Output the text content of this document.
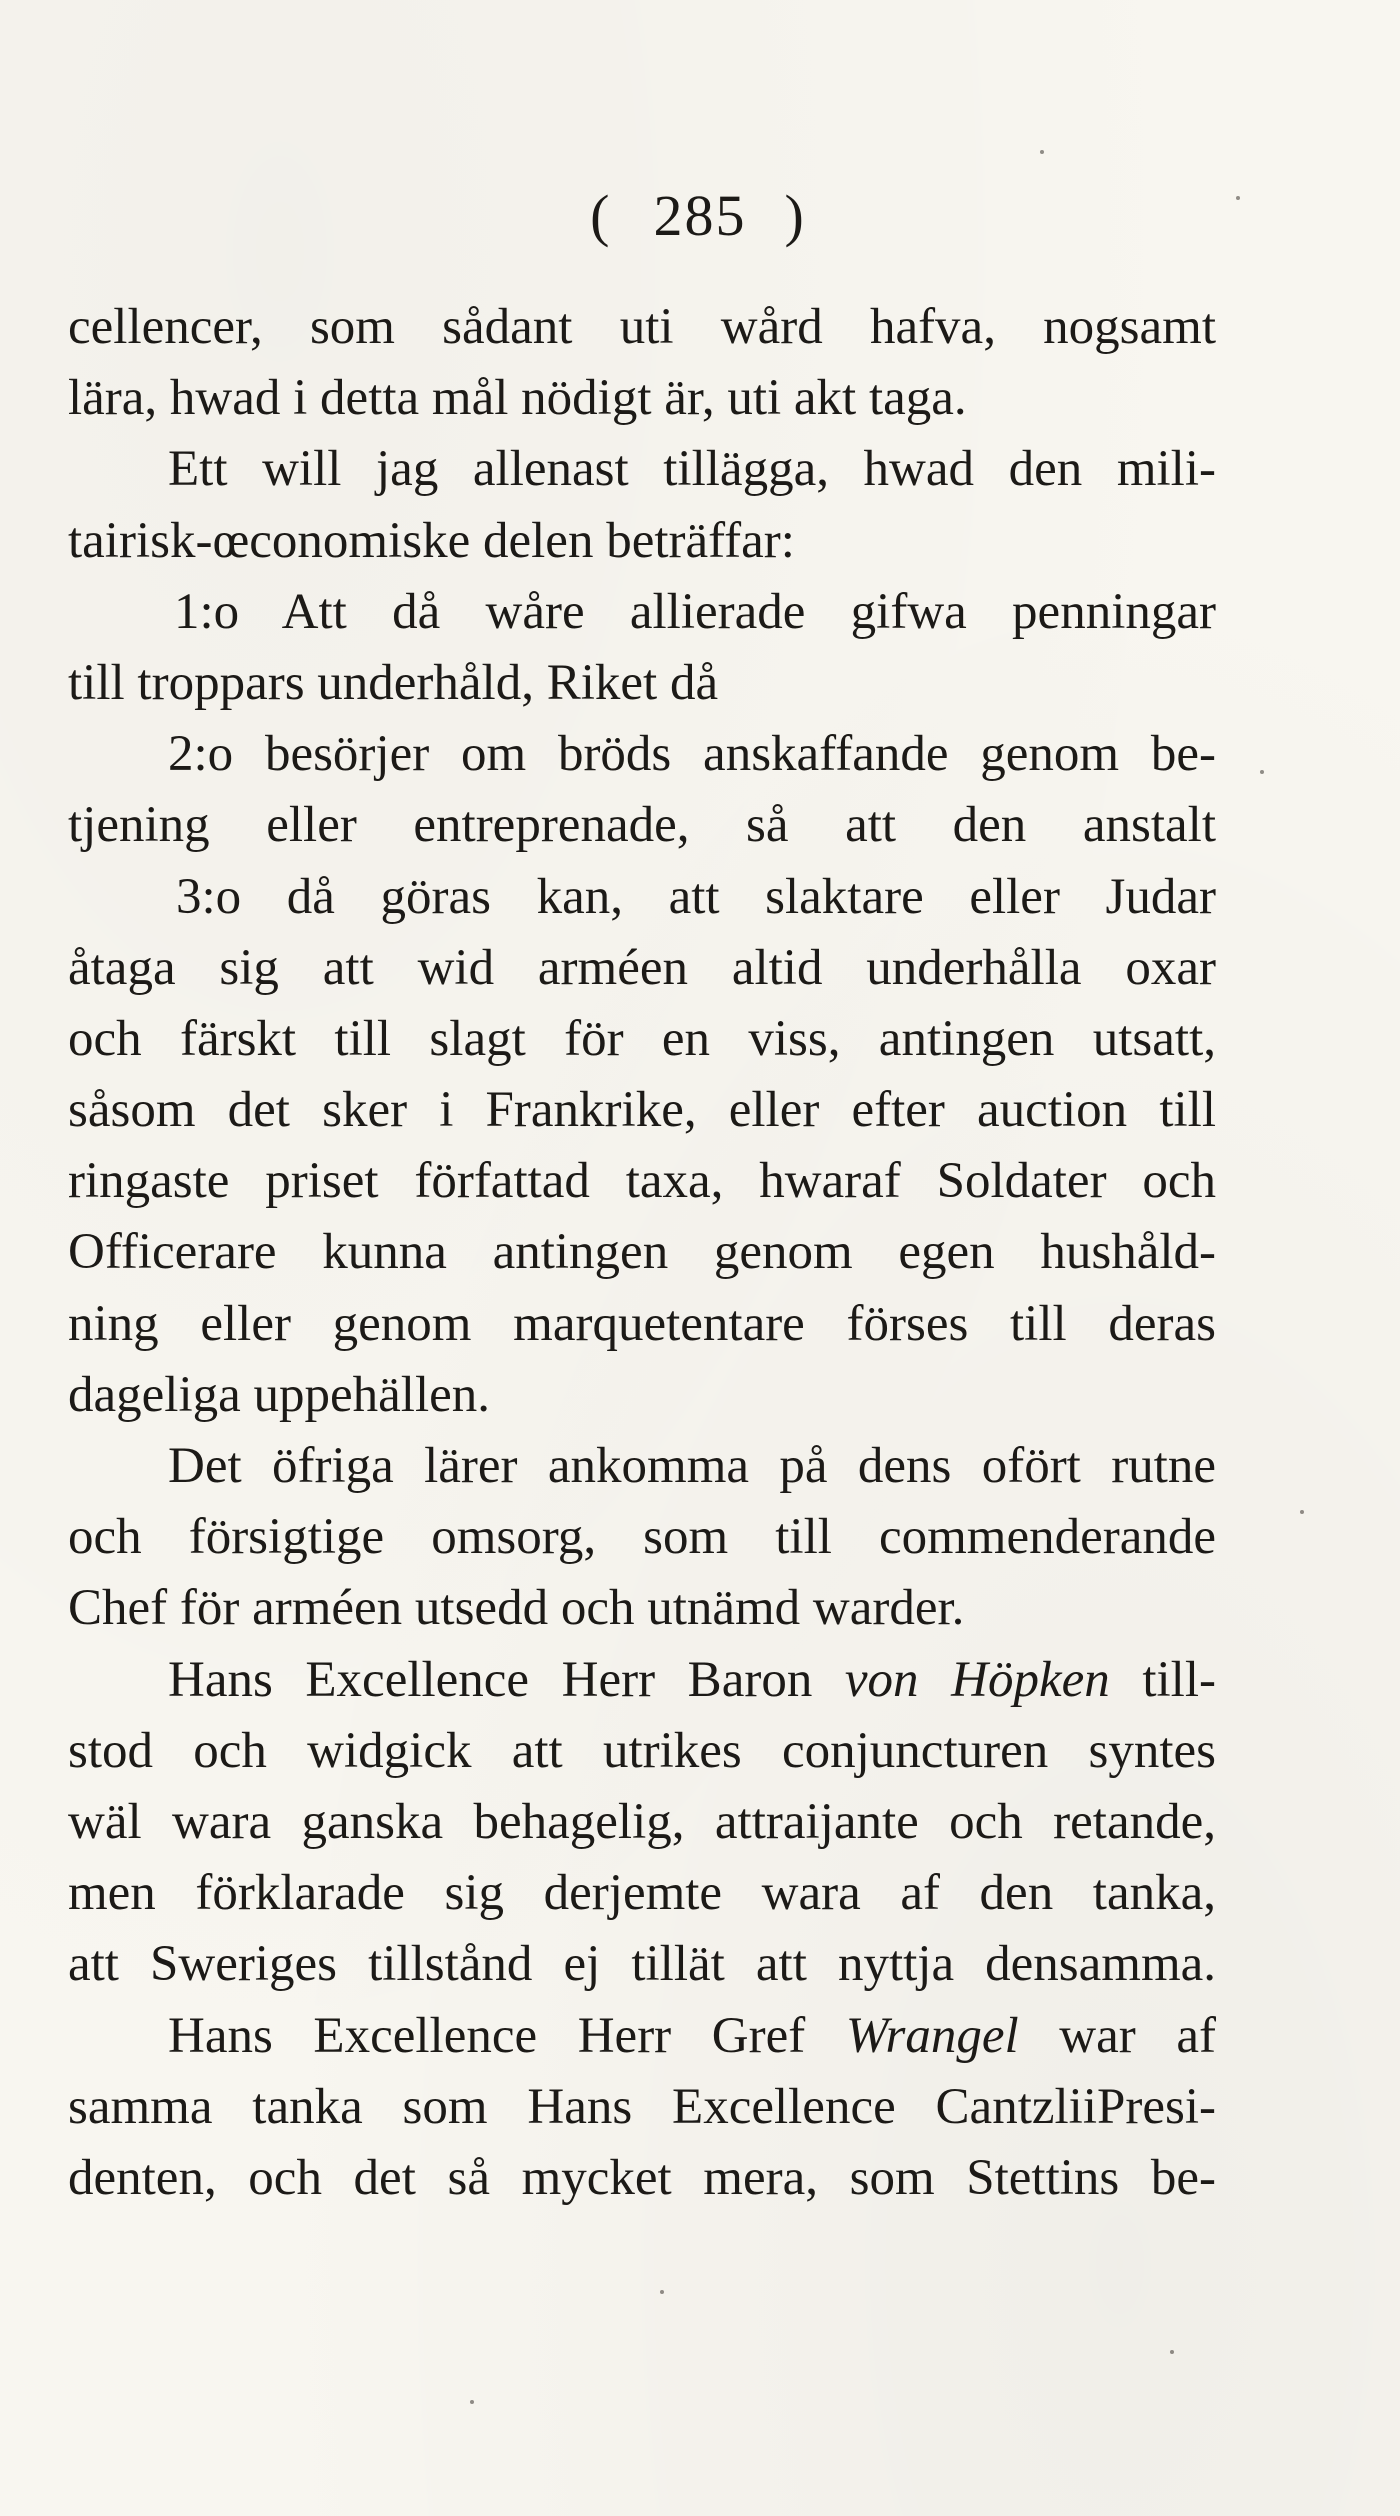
( 285 )
cellencer, som sådant uti wård hafva, nogsamt
lära, hwad i detta mål nödigt är, uti akt taga.
Ett will jag allenast tillägga, hwad den mili-
tairisk-œconomiske delen beträffar:
1:o Att då wåre allierade gifwa penningar
till troppars underhåld, Riket då
2:o besörjer om bröds anskaffande genom be-
tjening eller entreprenade, så att den anstalt
3:o då göras kan, att slaktare eller Judar
åtaga sig att wid arméen altid underhålla oxar
och färskt till slagt för en viss, antingen utsatt,
såsom det sker i Frankrike, eller efter auction till
ringaste priset författad taxa, hwaraf Soldater och
Officerare kunna antingen genom egen hushåld-
ning eller genom marquetentare förses till deras
dageliga uppehällen.
Det öfriga lärer ankomma på dens ofört rutne
och försigtige omsorg, som till commenderande
Chef för arméen utsedd och utnämd warder.
Hans Excellence Herr Baron von Höpken till-
stod och widgick att utrikes conjuncturen syntes
wäl wara ganska behagelig, attraijante och retande,
men förklarade sig derjemte wara af den tanka,
att Sweriges tillstånd ej tillät att nyttja densamma.
Hans Excellence Herr Gref Wrangel war af
samma tanka som Hans Excellence CantzliiPresi-
denten, och det så mycket mera, som Stettins be-
